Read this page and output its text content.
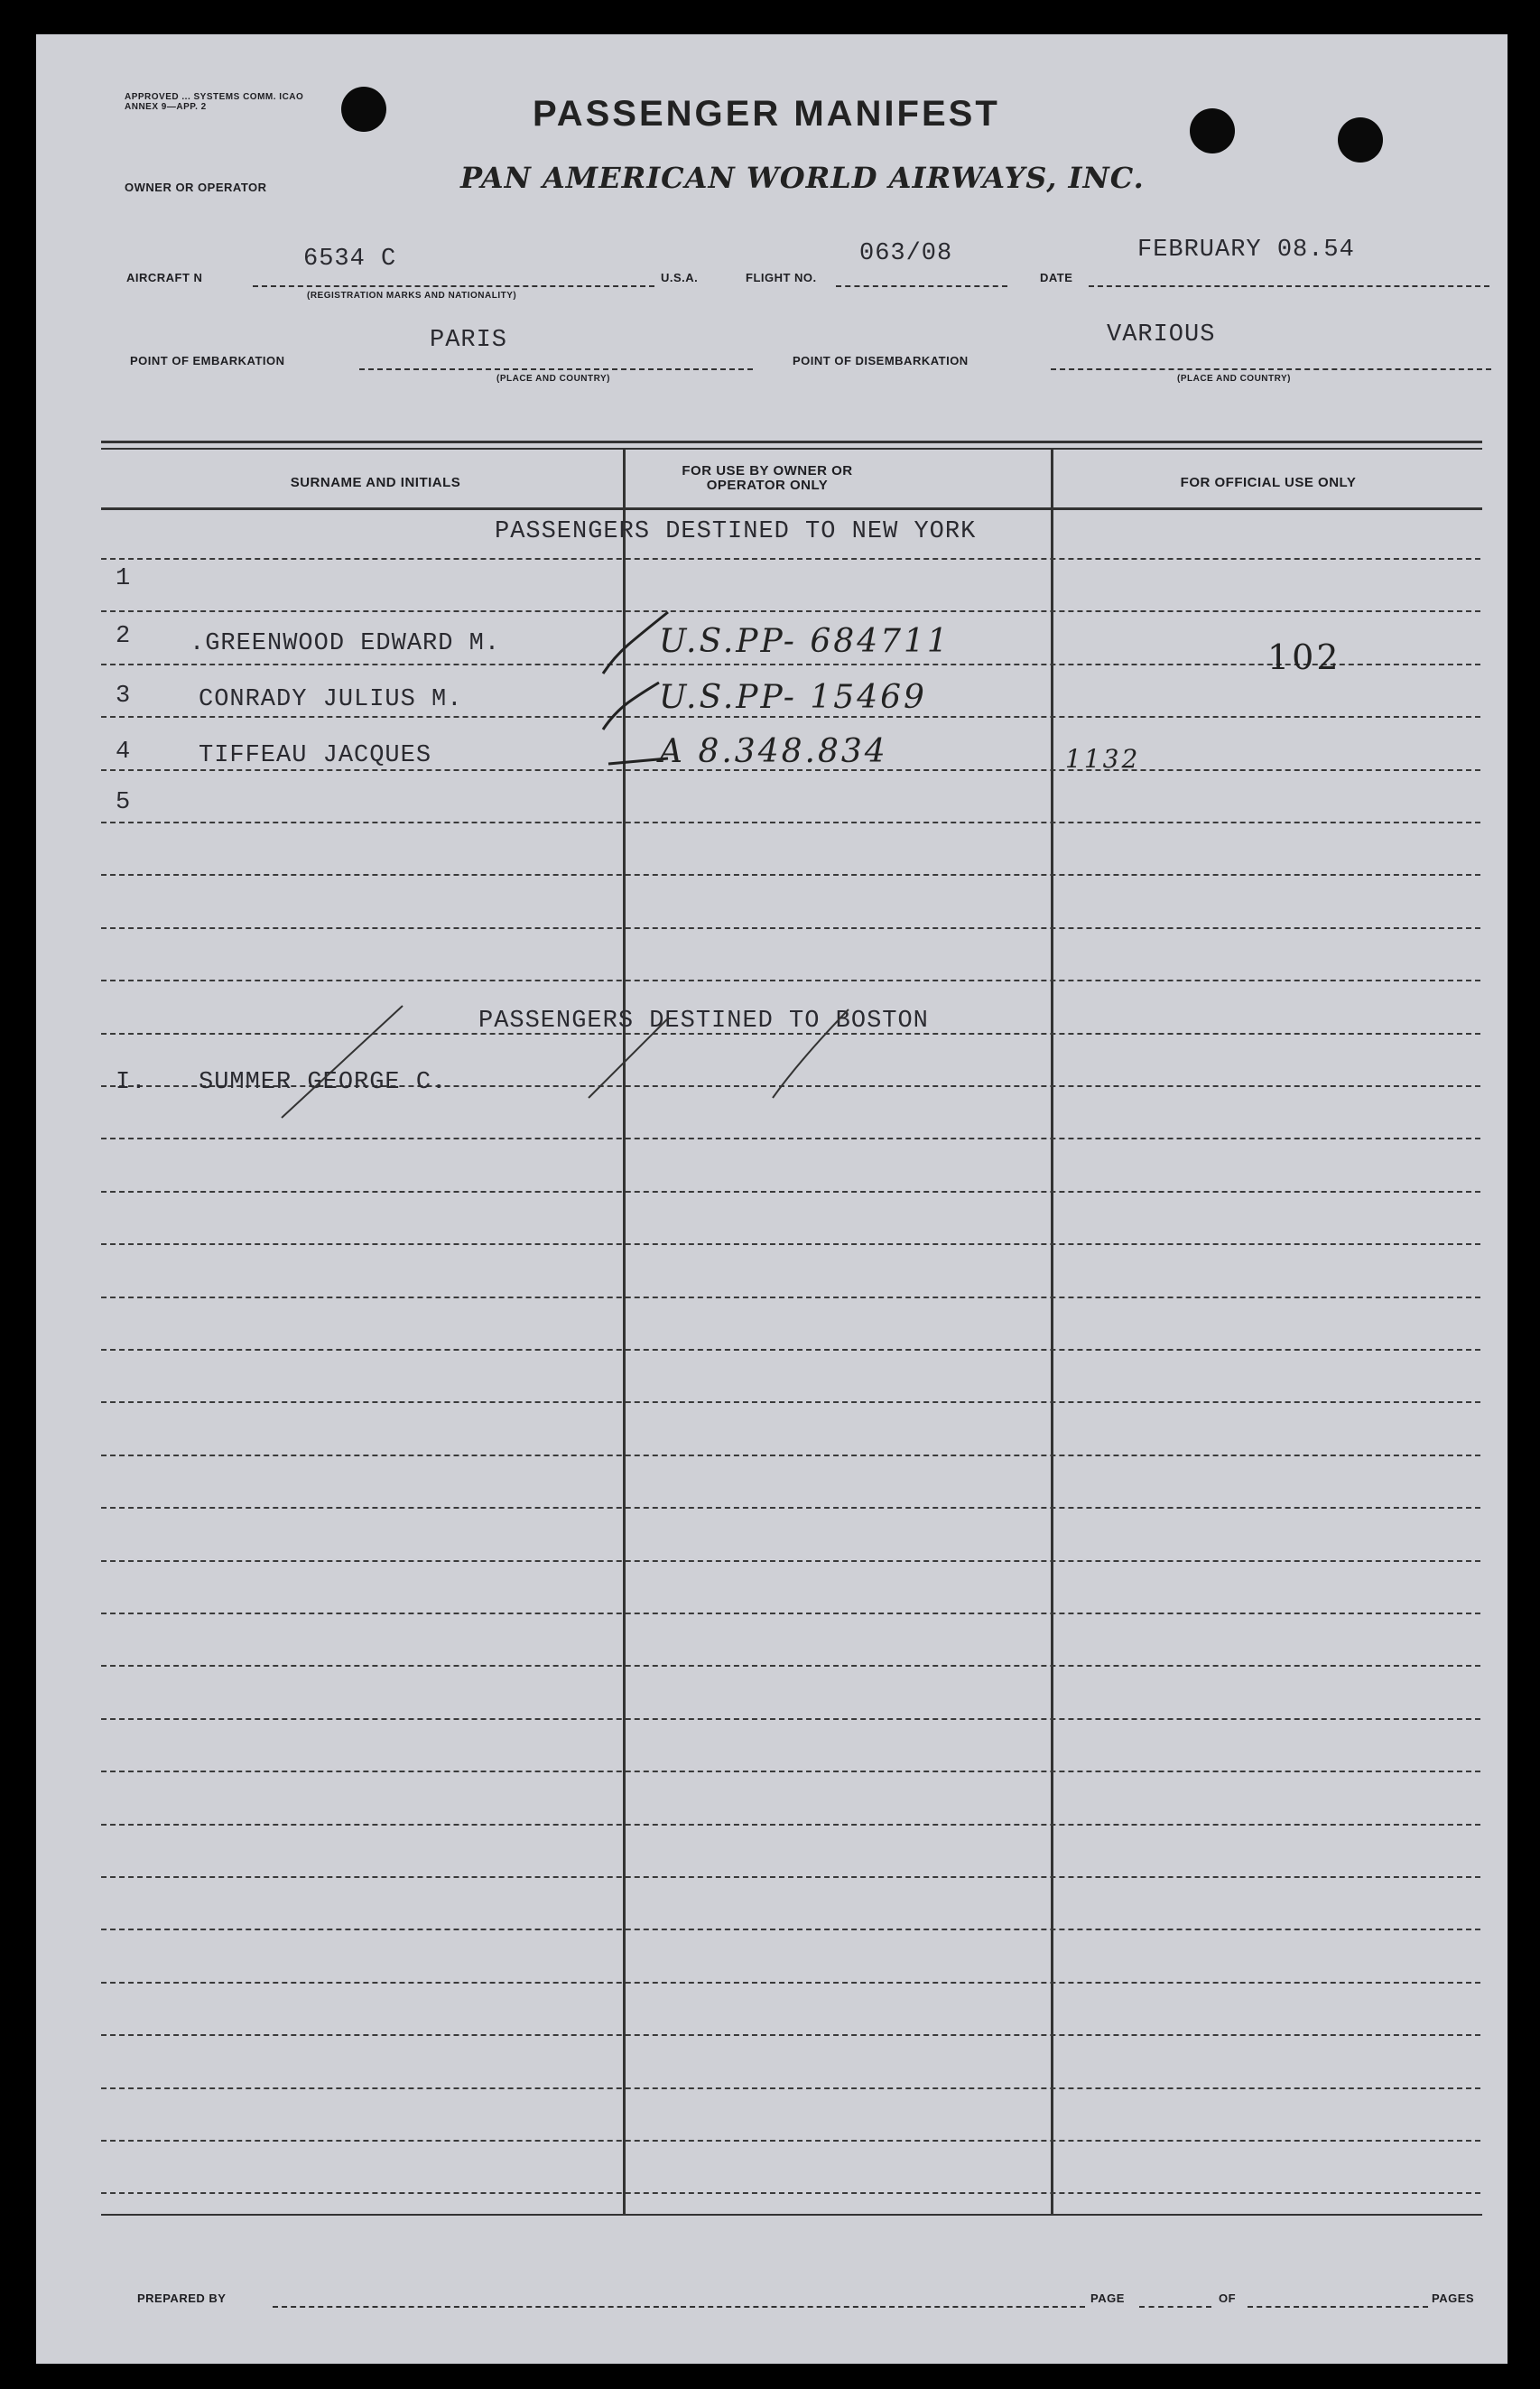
APPROVED ... SYSTEMS COMM. ICAO ANNEX 9—APP. 2	PASSENGER MANIFEST
OWNER OR OPERATOR	PAN AMERICAN WORLD AIRWAYS, INC.
AIRCRAFT N
6534 C
(REGISTRATION MARKS AND NATIONALITY)
U.S.A.	FLIGHT NO.
063/08
DATE
FEBRUARY 08.54
POINT OF EMBARKATION
PARIS
(PLACE AND COUNTRY)
POINT OF DISEMBARKATION
VARIOUS
(PLACE AND COUNTRY)
SURNAME AND INITIALS
FOR USE BY OWNER OR OPERATOR ONLY	FOR OFFICIAL USE ONLY
PASSENGERS DESTINED TO NEW YORK
1
2 .GREENWOOD EDWARD M.	U.S.PP- 684711	102
3	CONRADY JULIUS M.	U.S.PP- 15469
4	TIFFEAU JACQUES	A 8.348.834	1132
5
PASSENGERS DESTINED TO BOSTON
I. SUMMER GEORGE C.
PREPARED BY	PAGE	OF	PAGES
